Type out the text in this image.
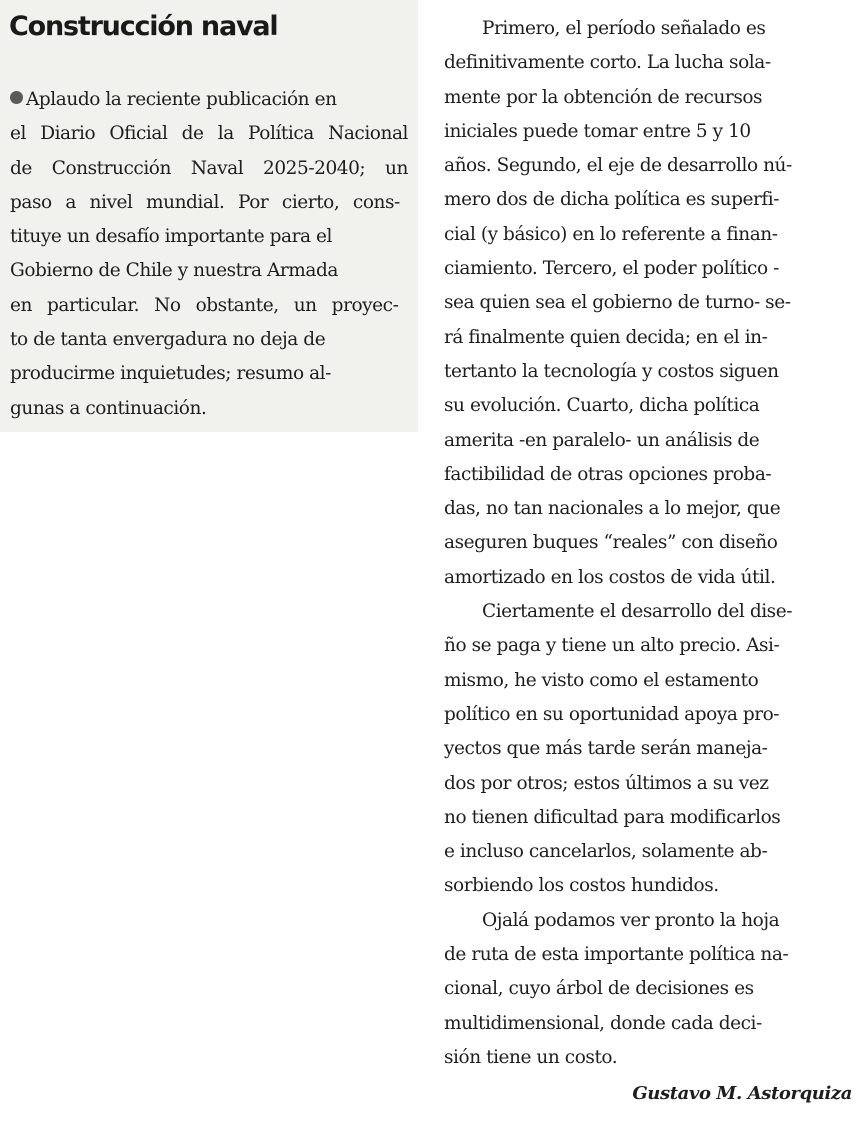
Construcción naval
Aplaudo la reciente publicación en
el Diario Oficial de la Política Nacional
de Construcción Naval 2025-2040; un
paso a nivel mundial. Por cierto, cons-
tituye un desafío importante para el
Gobierno de Chile y nuestra Armada
en particular. No obstante, un proyec-
to de tanta envergadura no deja de
producirme inquietudes; resumo al-
gunas a continuación.
Primero, el período señalado es
definitivamente corto. La lucha sola-
mente por la obtención de recursos
iniciales puede tomar entre 5 y 10
años. Segundo, el eje de desarrollo nú-
mero dos de dicha política es superfi-
cial (y básico) en lo referente a finan-
ciamiento. Tercero, el poder político -
sea quien sea el gobierno de turno- se-
rá finalmente quien decida; en el in-
tertanto la tecnología y costos siguen
su evolución. Cuarto, dicha política
amerita -en paralelo- un análisis de
factibilidad de otras opciones proba-
das, no tan nacionales a lo mejor, que
aseguren buques “reales” con diseño
amortizado en los costos de vida útil.
Ciertamente el desarrollo del dise-
ño se paga y tiene un alto precio. Asi-
mismo, he visto como el estamento
político en su oportunidad apoya pro-
yectos que más tarde serán maneja-
dos por otros; estos últimos a su vez
no tienen dificultad para modificarlos
e incluso cancelarlos, solamente ab-
sorbiendo los costos hundidos.
Ojalá podamos ver pronto la hoja
de ruta de esta importante política na-
cional, cuyo árbol de decisiones es
multidimensional, donde cada deci-
sión tiene un costo.

Gustavo M. Astorquiza
